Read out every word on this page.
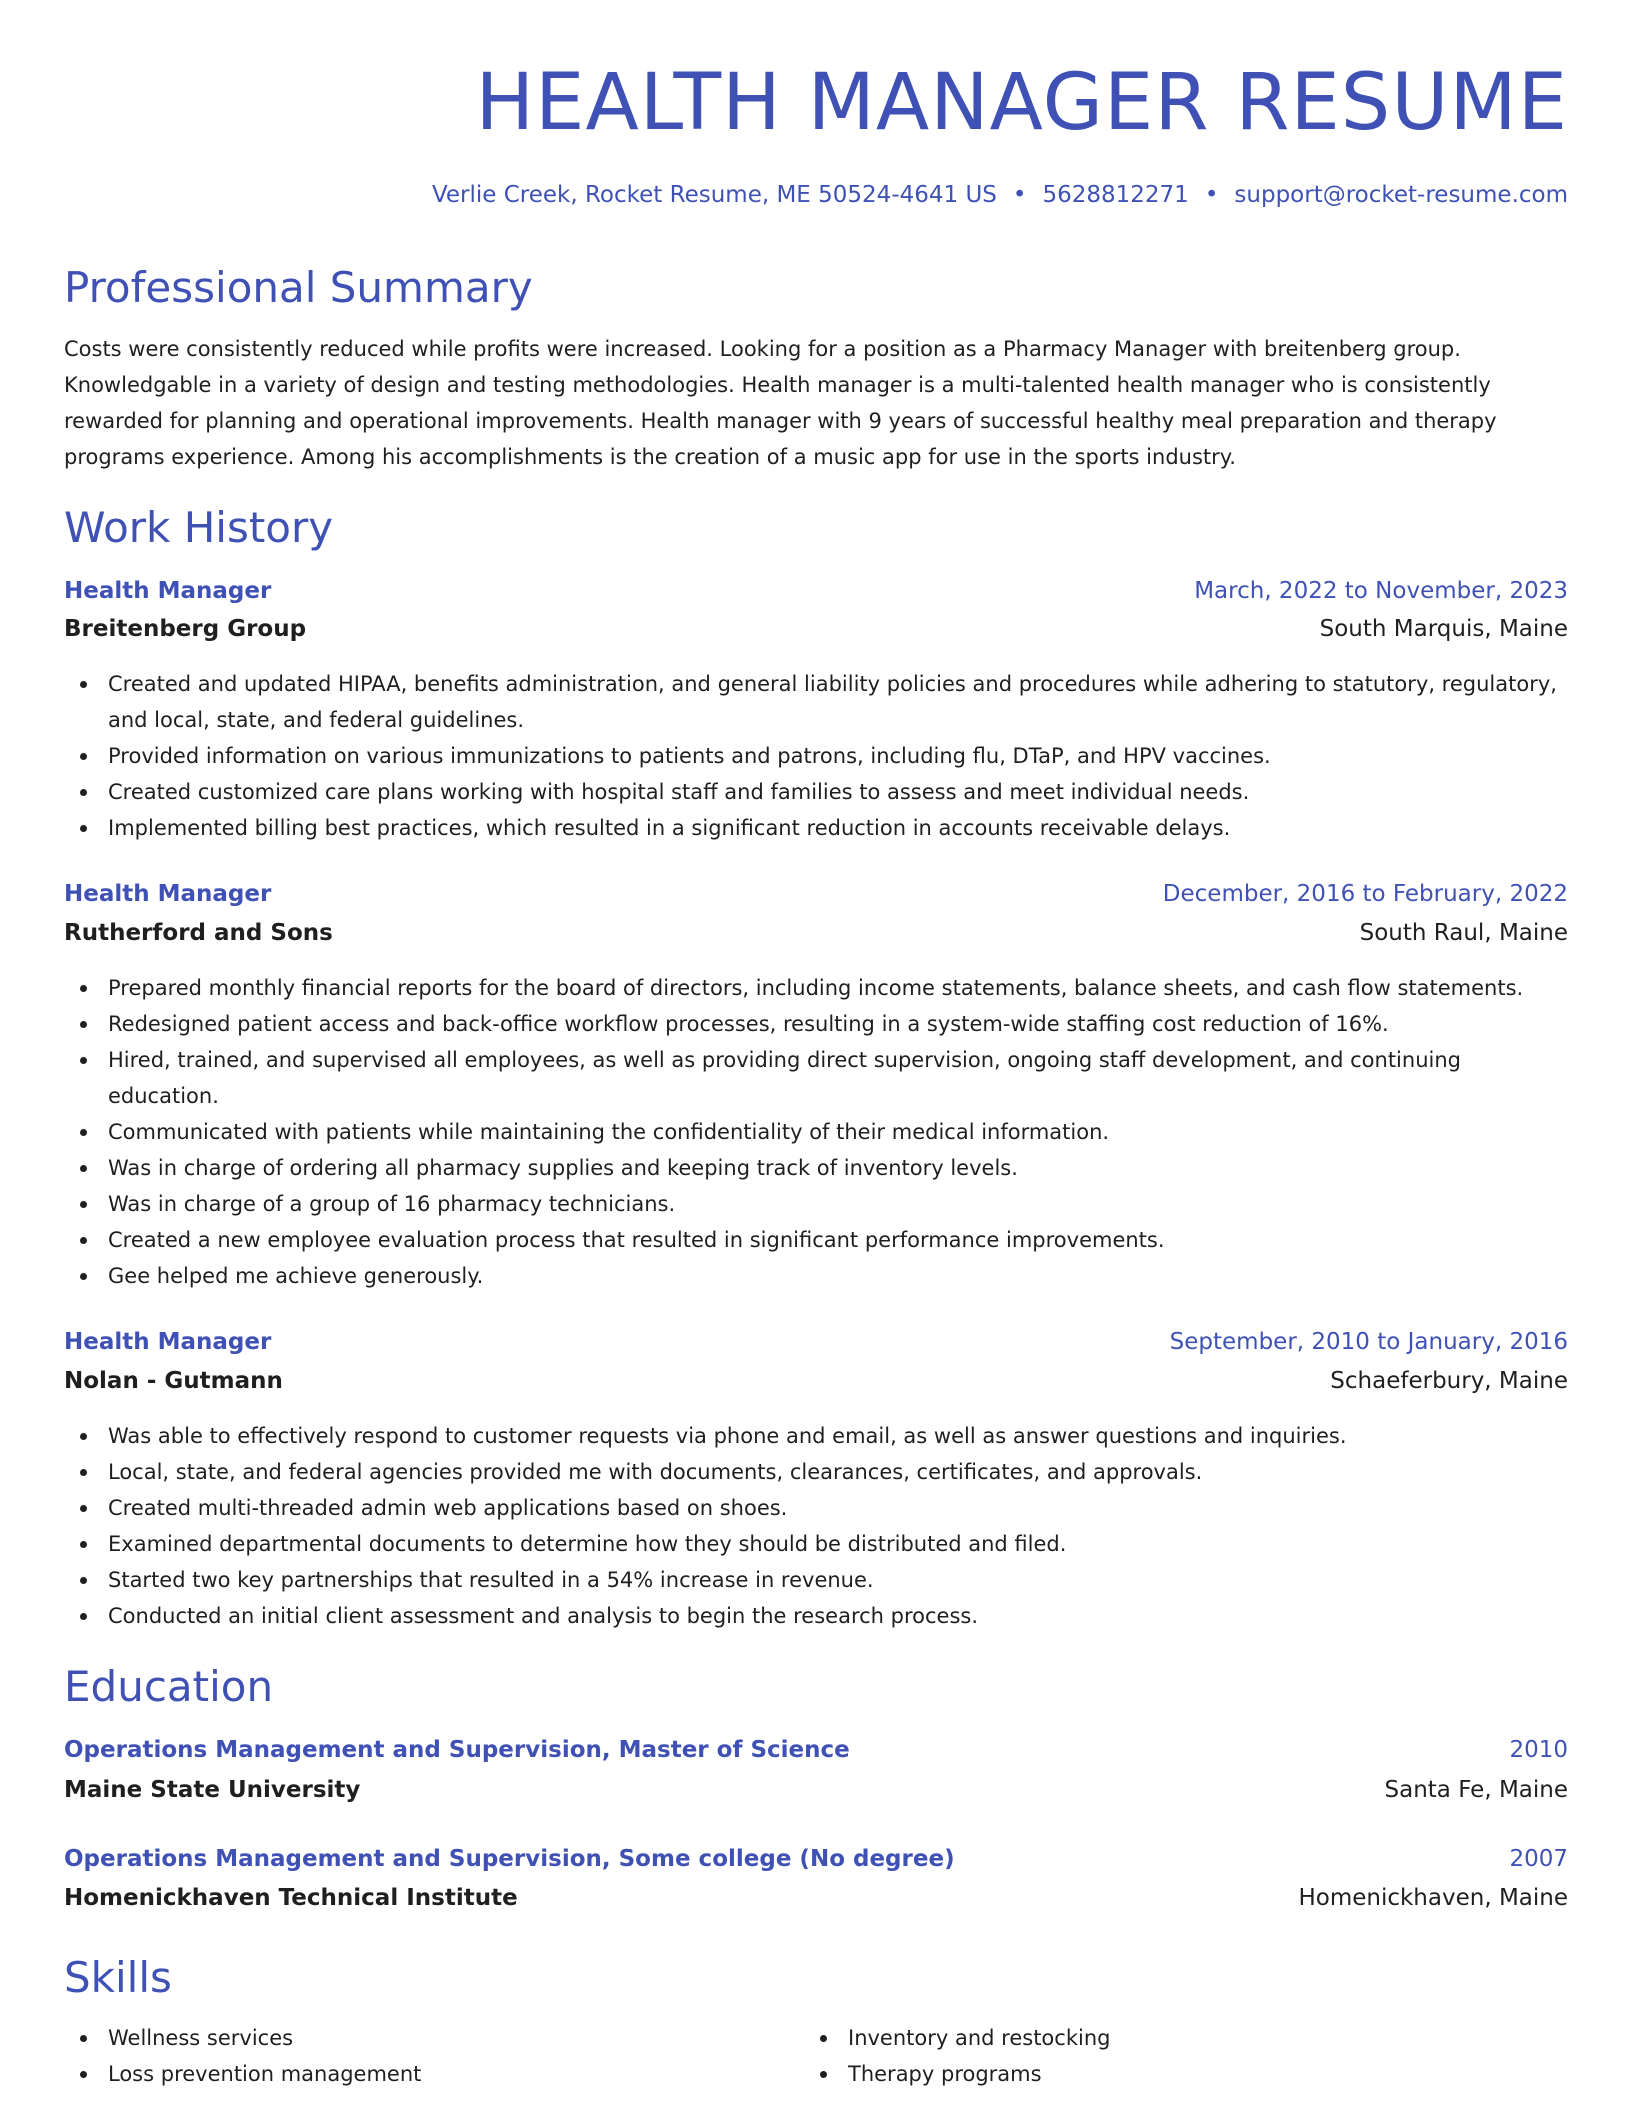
HEALTH MANAGER RESUME
Verlie Creek, Rocket Resume, ME 50524-4641 US • 5628812271 • support@rocket-resume.com
Professional Summary
Costs were consistently reduced while profits were increased. Looking for a position as a Pharmacy Manager with breitenberg group. Knowledgable in a variety of design and testing methodologies. Health manager is a multi-talented health manager who is consistently rewarded for planning and operational improvements. Health manager with 9 years of successful healthy meal preparation and therapy programs experience. Among his accomplishments is the creation of a music app for use in the sports industry.
Work History
Health Manager	March, 2022 to November, 2023
Breitenberg Group	South Marquis, Maine
Created and updated HIPAA, benefits administration, and general liability policies and procedures while adhering to statutory, regulatory, and local, state, and federal guidelines.
Provided information on various immunizations to patients and patrons, including flu, DTaP, and HPV vaccines.
Created customized care plans working with hospital staff and families to assess and meet individual needs.
Implemented billing best practices, which resulted in a significant reduction in accounts receivable delays.
Health Manager	December, 2016 to February, 2022
Rutherford and Sons	South Raul, Maine
Prepared monthly financial reports for the board of directors, including income statements, balance sheets, and cash flow statements.
Redesigned patient access and back-office workflow processes, resulting in a system-wide staffing cost reduction of 16%.
Hired, trained, and supervised all employees, as well as providing direct supervision, ongoing staff development, and continuing education.
Communicated with patients while maintaining the confidentiality of their medical information.
Was in charge of ordering all pharmacy supplies and keeping track of inventory levels.
Was in charge of a group of 16 pharmacy technicians.
Created a new employee evaluation process that resulted in significant performance improvements.
Gee helped me achieve generously.
Health Manager	September, 2010 to January, 2016
Nolan - Gutmann	Schaeferbury, Maine
Was able to effectively respond to customer requests via phone and email, as well as answer questions and inquiries.
Local, state, and federal agencies provided me with documents, clearances, certificates, and approvals.
Created multi-threaded admin web applications based on shoes.
Examined departmental documents to determine how they should be distributed and filed.
Started two key partnerships that resulted in a 54% increase in revenue.
Conducted an initial client assessment and analysis to begin the research process.
Education
Operations Management and Supervision, Master of Science	2010
Maine State University	Santa Fe, Maine
Operations Management and Supervision, Some college (No degree)	2007
Homenickhaven Technical Institute	Homenickhaven, Maine
Skills
Wellness services
Loss prevention management
Inventory and restocking
Therapy programs
